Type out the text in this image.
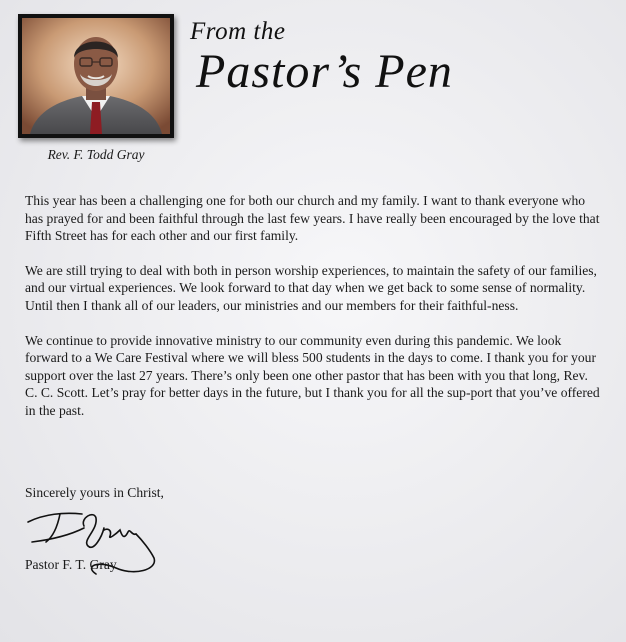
Rev. F. Todd Gray
From the
Pastor’s Pen

This year has been a challenging one for both our church and my family. I want to thank everyone who has prayed for and been faithful through the last few years. I have really been encouraged by the love that Fifth Street has for each other and our first family.

We are still trying to deal with both in person worship experiences, to maintain the safety of our families, and our virtual experiences. We look forward to that day when we get back to some sense of normality. Until then I thank all of our leaders, our ministries and our members for their faithful-ness.

We continue to provide innovative ministry to our community even during this pandemic. We look forward to a We Care Festival where we will bless 500 students in the days to come. I thank you for your support over the last 27 years. There’s only been one other pastor that has been with you that long, Rev. C. C. Scott. Let’s pray for better days in the future, but I thank you for all the sup-port that you’ve offered in the past.

Sincerely yours in Christ,
Pastor F. T. Gray
